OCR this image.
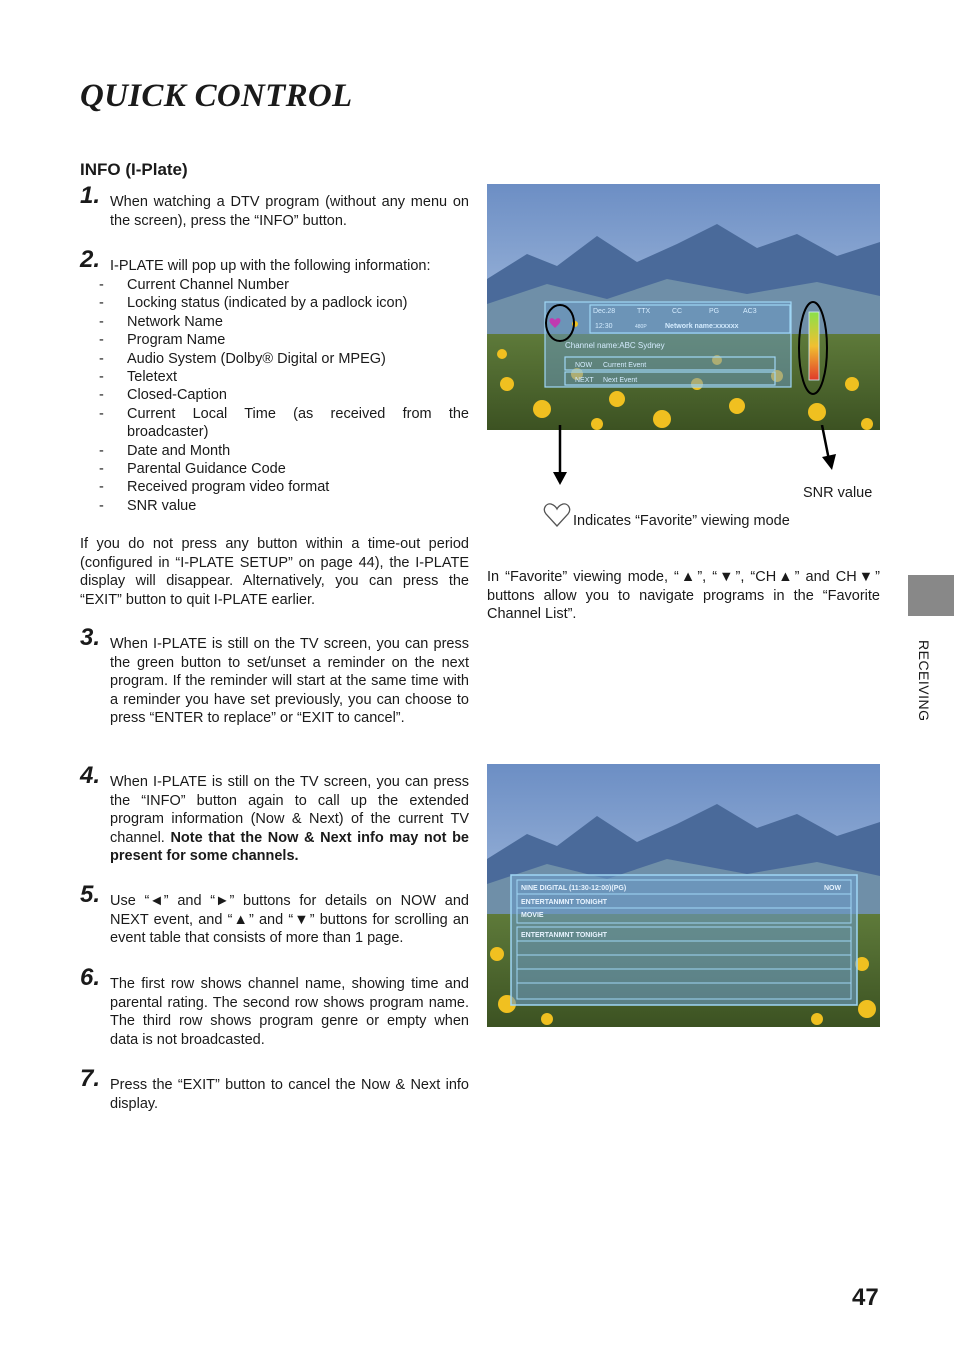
QUICK CONTROL
INFO (I-Plate)
1. When watching a DTV program (without any menu on the screen), press the “INFO” button.
2. I-PLATE will pop up with the following information:
- Current Channel Number
- Locking status (indicated by a padlock icon)
- Network Name
- Program Name
- Audio System (Dolby® Digital or MPEG)
- Teletext
- Closed-Caption
- Current Local Time (as received from the broadcaster)
- Date and Month
- Parental Guidance Code
- Received program video format
- SNR value
If you do not press any button within a time-out period (configured in “I-PLATE SETUP” on page 44), the I-PLATE display will disappear. Alternatively, you can press the “EXIT” button to quit I-PLATE earlier.
3. When I-PLATE is still on the TV screen, you can press the green button to set/unset a reminder on the next program. If the reminder will start at the same time with a reminder you have set previously, you can choose to press “ENTER to replace” or “EXIT to cancel”.
4. When I-PLATE is still on the TV screen, you can press the “INFO” button again to call up the extended program information (Now & Next) of the current TV channel. Note that the Now & Next info may not be present for some channels.
5. Use “◄” and “►” buttons for details on NOW and NEXT event, and “▲” and “▼” buttons for scrolling an event table that consists of more than 1 page.
6. The first row shows channel name, showing time and parental rating. The second row shows program name. The third row shows program genre or empty when data is not broadcasted.
7. Press the “EXIT” button to cancel the Now & Next info display.
Dec.28	TTX	CC	PG	AC3
12:30	480P	Network name:xxxxxx
Channel name:ABC Sydney
NOW Current Event
NEXT Next Event
SNR value
Indicates “Favorite” viewing mode
In “Favorite” viewing mode, “▲”, “▼”, “CH▲” and CH▼” buttons allow you to navigate programs in the “Favorite Channel List”.
NINE DIGITAL (11:30-12:00)(PG)	NOW
ENTERTANMNT TONIGHT
MOVIE
ENTERTANMNT TONIGHT
RECEIVING
47
